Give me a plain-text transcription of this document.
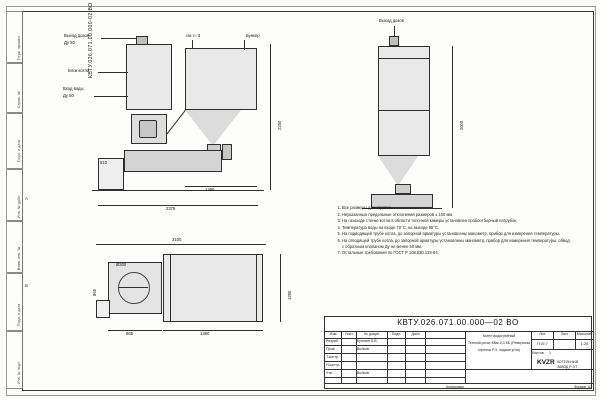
Перв. примен.
Справ. №
Подп. и дата
Инв. № дубл.
Взам. инв. №
Подп. и дата
Инв. № подл.
A
Б
КВТУ.026.071.00.000-02 ВО
Выход дозов
Ду 50
Блок котла
Вход воды
Ду 50
Бункер
см. п. 3
2250
1390
2375
510
Выход дозов
2000
Ø300
3100
1290
865
865	1390
1. Все размеры для справок.
2. Неуказанные предельные отклонения размеров ± 100 мм.
3. На газоходе стенке котла в области топочной камеры установлен пробоотборный патрубок.
4. Температура воды на входе 70°C, на выходе 95°C.
5. На подводящей трубе котла, до запорной арматуры установлены манометр, прибор для измерения температуры.
6. На отводящей трубе котла, до запорной арматуры установлены манометр, прибор для измерения температуры, обвод с обратным клапаном Ду не менее 50 мм.
7. Остальные требования по ГОСТ Р 108.030.133-84.
Изм.	Лист	№ докум.	Подп.	Дата
Разраб.	Еремин А.В.
Пров.	Волков
Т.контр.
Н.контр.
Утв.	Волков
Котел водогрейный
ТеплоАгрегат-КВм-0,3 КБ (Реверсная
горелка РЭ, подача угля)
Лит.	Лист	Масштаб
П19.7	1:25
Листов	1
KVZR КОТЕЛЬНЫЙ
ЗАВОД Р-ЭТ
Копировал	Формат А3
КВТУ.026.071.00.000—02 ВО
